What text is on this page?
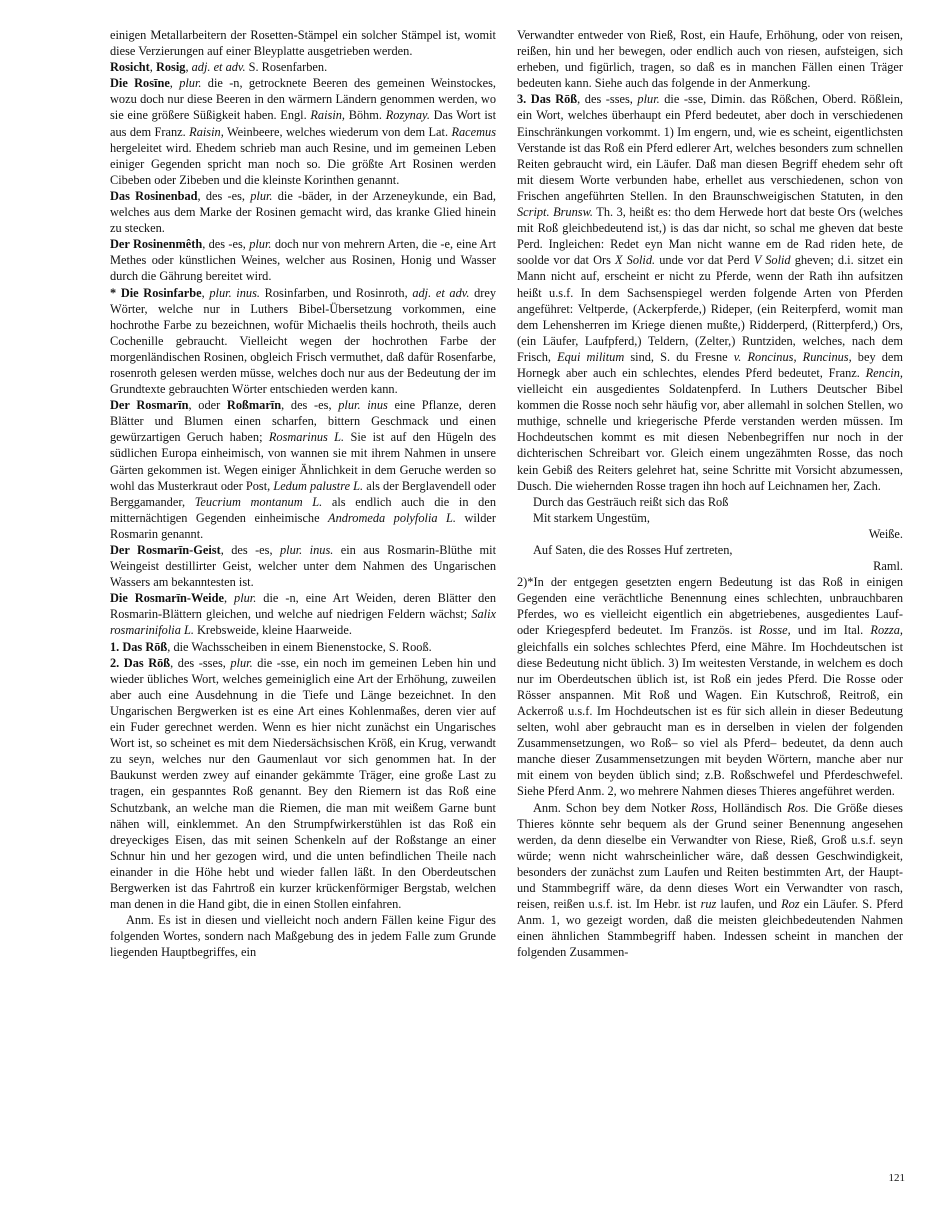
einigen Metallarbeitern der Rosetten-Stämpel ein solcher Stämpel ist, womit diese Verzierungen auf einer Bleyplatte ausgetrieben werden.

Rosicht, Rosig, adj. et adv. S. Rosenfarben.

Die Rosīne, plur. die -n, getrocknete Beeren des gemeinen Weinstockes, wozu doch nur diese Beeren in den wärmern Ländern genommen werden, wo sie eine größere Süßigkeit haben. Engl. Raisin, Böhm. Rozynay. Das Wort ist aus dem Franz. Raisin, Weinbeere, welches wiederum von dem Lat. Racemus hergeleitet wird. Ehedem schrieb man auch Resine, und im gemeinen Leben einiger Gegenden spricht man noch so. Die größte Art Rosinen werden Cibeben oder Zibeben und die kleinste Korinthen genannt.

Das Rosinenbad, des -es, plur. die -bäder, in der Arzeneykunde, ein Bad, welches aus dem Marke der Rosinen gemacht wird, das kranke Glied hinein zu stecken.

Der Rosinenmêth, des -es, plur. doch nur von mehrern Arten, die -e, eine Art Methes oder künstlichen Weines, welcher aus Rosinen, Honig und Wasser durch die Gährung bereitet wird.

* Die Rosinfarbe, plur. inus. Rosinfarben, und Rosinroth, adj. et adv. drey Wörter, welche nur in Luthers Bibel-Übersetzung vorkommen, eine hochrothe Farbe zu bezeichnen, wofür Michaelis theils hochroth, theils auch Cochenille gebraucht. Vielleicht wegen der hochrothen Farbe der morgenländischen Rosinen, obgleich Frisch vermuthet, daß dafür Rosenfarbe, rosenroth gelesen werden müsse, welches doch nur aus der Bedeutung der im Grundtexte gebrauchten Wörter entschieden werden kann.

Der Rosmarīn, oder Roßmarīn, des -es, plur. inus eine Pflanze, deren Blätter und Blumen einen scharfen, bittern Geschmack und einen gewürzartigen Geruch haben; Rosmarinus L. Sie ist auf den Hügeln des südlichen Europa einheimisch, von wannen sie mit ihrem Nahmen in unsere Gärten gekommen ist. Wegen einiger Ähnlichkeit in dem Geruche werden so wohl das Musterkraut oder Post, Ledum palustre L. als der Berglavendell oder Berggamander, Teucrium montanum L. als endlich auch die in den mitternächtigen Gegenden einheimische Andromeda polyfolia L. wilder Rosmarin genannt.

Der Rosmarīn-Geist, des -es, plur. inus. ein aus Rosmarin-Blüthe mit Weingeist destillirter Geist, welcher unter dem Nahmen des Ungarischen Wassers am bekanntesten ist.

Die Rosmarīn-Weide, plur. die -n, eine Art Weiden, deren Blätter den Rosmarin-Blättern gleichen, und welche auf niedrigen Feldern wächst; Salix rosmarinifolia L. Krebsweide, kleine Haarweide.

1. Das Rōß, die Wachsscheiben in einem Bienenstocke, S. Rooß.

2. Das Rōß, des -sses, plur. die -sse, ein noch im gemeinen Leben hin und wieder übliches Wort, welches gemeiniglich eine Art der Erhöhung, zuweilen aber auch eine Ausdehnung in die Tiefe und Länge bezeichnet. In den Ungarischen Bergwerken ist es eine Art eines Kohlenmaßes, deren vier auf ein Fuder gerechnet werden. Wenn es hier nicht zunächst ein Ungarisches Wort ist, so scheinet es mit dem Niedersächsischen Kröß, ein Krug, verwandt zu seyn, welches nur den Gaumenlaut vor sich genommen hat. In der Baukunst werden zwey auf einander gekämmte Träger, eine große Last zu tragen, ein gespanntes Roß genannt. Bey den Riemern ist das Roß eine Schutzbank, an welche man die Riemen, die man mit weißem Garne bunt nähen will, einklemmet. An den Strumpfwirkerstühlen ist das Roß ein dreyeckiges Eisen, das mit seinen Schenkeln auf der Roßstange an einer Schnur hin und her gezogen wird, und die unten befindlichen Theile nach einander in die Höhe hebt und wieder fallen läßt. In den Oberdeutschen Bergwerken ist das Fahrtroß ein kurzer krückenförmiger Bergstab, welchen man denen in die Hand gibt, die in einen Stollen einfahren.

Anm. Es ist in diesen und vielleicht noch andern Fällen keine Figur des folgenden Wortes, sondern nach Maßgebung des in jedem Falle zum Grunde liegenden Hauptbegriffes, ein

Verwandter entweder von Rieß, Rost, ein Haufe, Erhöhung, oder von reisen, reißen, hin und her bewegen, oder endlich auch von riesen, aufsteigen, sich erheben, und figürlich, tragen, so daß es in manchen Fällen einen Träger bedeuten kann. Siehe auch das folgende in der Anmerkung.

3. Das Rōß, des -sses, plur. die -sse, Dimin. das Rößchen, Oberd. Rößlein, ein Wort, welches überhaupt ein Pferd bedeutet, aber doch in verschiedenen Einschränkungen vorkommt. 1) Im engern, und, wie es scheint, eigentlichsten Verstande ist das Roß ein Pferd edlerer Art, welches besonders zum schnellen Reiten gebraucht wird, ein Läufer. Daß man diesen Begriff ehedem sehr oft mit diesem Worte verbunden habe, erhellet aus verschiedenen, schon von Frischen angeführten Stellen. In den Braunschweigischen Statuten, in den Script. Brunsw. Th. 3, heißt es: tho dem Herwede hort dat beste Ors (welches mit Roß gleichbedeutend ist,) is das dar nicht, so schal me gheven dat beste Perd. Ingleichen: Redet eyn Man nicht wanne em de Rad riden hete, de soolde vor dat Ors X Solid. unde vor dat Perd V Solid gheven; d.i. sitzet ein Mann nicht auf, erscheint er nicht zu Pferde, wenn der Rath ihn aufsitzen heißt u.s.f. In dem Sachsenspiegel werden folgende Arten von Pferden angeführet: Veltperde, (Ackerpferde,) Rideper, (ein Reiterpferd, womit man dem Lehensherren im Kriege dienen mußte,) Ridderperd, (Ritterpferd,) Ors, (ein Läufer, Laufpferd,) Teldern, (Zelter,) Runtziden, welches, nach dem Frisch, Equi militum sind, S. du Fresne v. Roncinus, Runcinus, bey dem Hornegk aber auch ein schlechtes, elendes Pferd bedeutet, Franz. Rencin, vielleicht ein ausgedientes Soldatenpferd. In Luthers Deutscher Bibel kommen die Rosse noch sehr häufig vor, aber allemahl in solchen Stellen, wo muthige, schnelle und kriegerische Pferde verstanden werden müssen. Im Hochdeutschen kommt es mit diesen Nebenbegriffen nur noch in der dichterischen Schreibart vor. Gleich einem ungezähmten Rosse, das noch kein Gebiß des Reiters gelehret hat, seine Schritte mit Vorsicht abzumessen, Dusch. Die wiehernden Rosse tragen ihn hoch auf Leichnamen her, Zach.

Durch das Gesträuch reißt sich das Roß

Mit starkem Ungestüm,

Weiße.

Auf Saten, die des Rosses Huf zertreten,

Raml.

2)*In der entgegen gesetzten engern Bedeutung ist das Roß in einigen Gegenden eine verächtliche Benennung eines schlechten, unbrauchbaren Pferdes, wo es vielleicht eigentlich ein abgetriebenes, ausgedientes Lauf- oder Kriegespferd bedeutet. Im Französ. ist Rosse, und im Ital. Rozza, gleichfalls ein solches schlechtes Pferd, eine Mähre. Im Hochdeutschen ist diese Bedeutung nicht üblich. 3) Im weitesten Verstande, in welchem es doch nur im Oberdeutschen üblich ist, ist Roß ein jedes Pferd. Die Rosse oder Rösser anspannen. Mit Roß und Wagen. Ein Kutschroß, Reitroß, ein Ackerroß u.s.f. Im Hochdeutschen ist es für sich allein in dieser Bedeutung selten, wohl aber gebraucht man es in derselben in vielen der folgenden Zusammensetzungen, wo Roß– so viel als Pferd– bedeutet, da denn auch manche dieser Zusammensetzungen mit beyden Wörtern, manche aber nur mit einem von beyden üblich sind; z.B. Roßschwefel und Pferdeschwefel. Siehe Pferd Anm. 2, wo mehrere Nahmen dieses Thieres angeführet werden.

Anm. Schon bey dem Notker Ross, Holländisch Ros. Die Größe dieses Thieres könnte sehr bequem als der Grund seiner Benennung angesehen werden, da denn dieselbe ein Verwandter von Riese, Rieß, Groß u.s.f. seyn würde; wenn nicht wahrscheinlicher wäre, daß dessen Geschwindigkeit, besonders der zunächst zum Laufen und Reiten bestimmten Art, der Haupt- und Stammbegriff wäre, da denn dieses Wort ein Verwandter von rasch, reisen, reißen u.s.f. ist. Im Hebr. ist ruz laufen, und Roz ein Läufer. S. Pferd Anm. 1, wo gezeigt worden, daß die meisten gleichbedeutenden Nahmen einen ähnlichen Stammbegriff haben. Indessen scheint in manchen der folgenden Zusammen-

121
